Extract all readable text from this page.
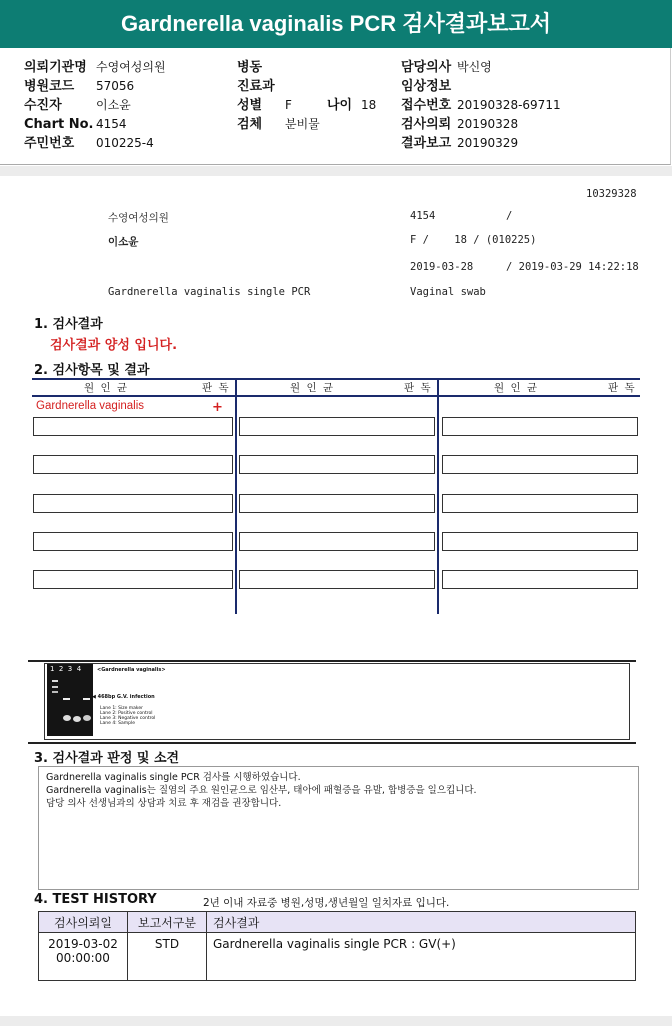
Gardnerella vaginalis PCR 검사결과보고서
의뢰기관명 수영여성의원
병원코드 57056
수진자	이소윤
Chart No. 4154
주민번호 010225-4
병동
진료과
성별 F	나이 18
검체 분비물
담당의사 박신영
임상정보
접수번호 20190328-69711
검사의뢰 20190328
결과보고 20190329
10329328
수영여성의원	4154	/
이소윤	F /    18 / (010225)
2019-03-28	/ 2019-03-29 14:22:18
Gardnerella vaginalis single PCR	Vaginal swab
1. 검사결과
검사결과 양성 입니다.
2. 검사항목 및 결과
원 인 균	판 독	원 인 균	판 독	원 인 균	판 독
Gardnerella vaginalis	+
1  2  3  4	<Gardnerella vaginalis>
◀ 468bp G.V. infection
Lane 1: Size maker
Lane 2: Positive control
Lane 3: Negative control
Lane 4: Sample
3. 검사결과 판정 및 소견
Gardnerella vaginalis single PCR 검사를 시행하였습니다.
Gardnerella vaginalis는 질염의 주요 원인균으로 임산부, 태아에 패혈증을 유발, 합병증을 일으킵니다.
담당 의사 선생님과의 상담과 치료 후 재검을 권장합니다.
4. TEST HISTORY	2년 이내 자료중 병원,성명,생년월일 일치자료 입니다.
검사의뢰일	보고서구분	검사결과

2019-03-02
00:00:00	STD	Gardnerella vaginalis single PCR : GV(+)
